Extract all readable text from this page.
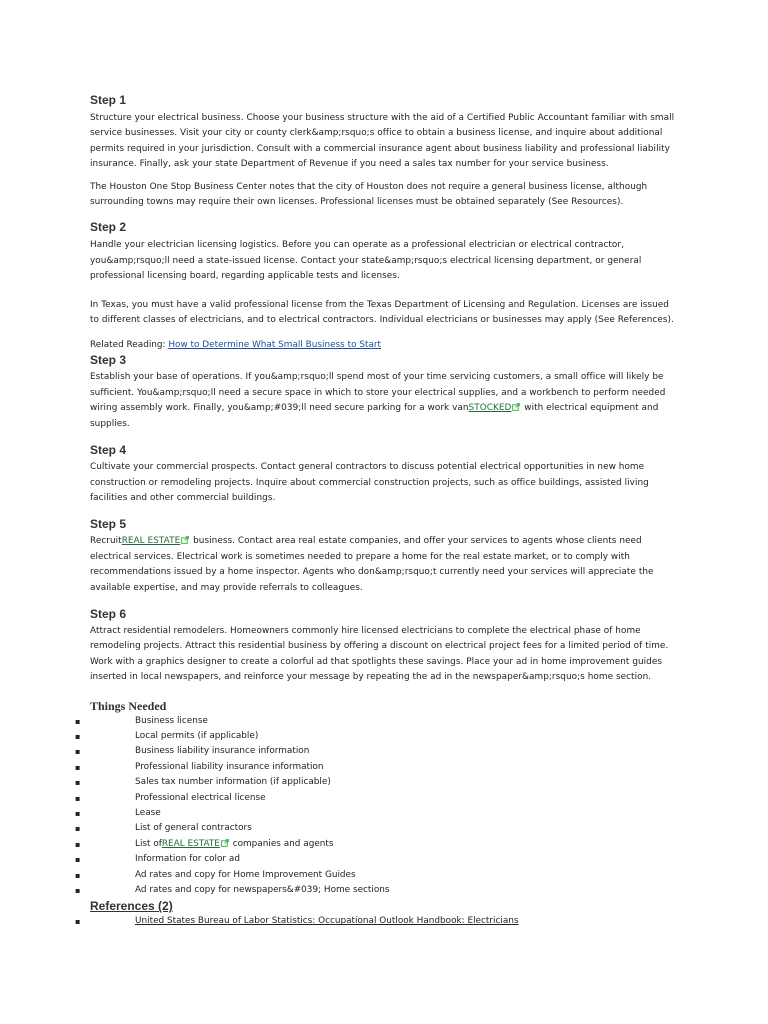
Step 1

Structure your electrical business. Choose your business structure with the aid of a Certified Public Accountant familiar with small service businesses. Visit your city or county clerk&amp;rsquo;s office to obtain a business license, and inquire about additional permits required in your jurisdiction. Consult with a commercial insurance agent about business liability and professional liability insurance. Finally, ask your state Department of Revenue if you need a sales tax number for your service business.

The Houston One Stop Business Center notes that the city of Houston does not require a general business license, although surrounding towns may require their own licenses. Professional licenses must be obtained separately (See Resources).

Step 2

Handle your electrician licensing logistics. Before you can operate as a professional electrician or electrical contractor, you&amp;rsquo;ll need a state-issued license. Contact your state&amp;rsquo;s electrical licensing department, or general professional licensing board, regarding applicable tests and licenses.

In Texas, you must have a valid professional license from the Texas Department of Licensing and Regulation. Licenses are issued to different classes of electricians, and to electrical contractors. Individual electricians or businesses may apply (See References).

Related Reading: How to Determine What Small Business to Start

Step 3

Establish your base of operations. If you&amp;rsquo;ll spend most of your time servicing customers, a small office will likely be sufficient. You&amp;rsquo;ll need a secure space in which to store your electrical supplies, and a workbench to perform needed wiring assembly work. Finally, you&amp;#039;ll need secure parking for a work vanSTOCKED with electrical equipment and supplies.

Step 4

Cultivate your commercial prospects. Contact general contractors to discuss potential electrical opportunities in new home construction or remodeling projects. Inquire about commercial construction projects, such as office buildings, assisted living facilities and other commercial buildings.

Step 5

RecruitREAL ESTATE business. Contact area real estate companies, and offer your services to agents whose clients need electrical services. Electrical work is sometimes needed to prepare a home for the real estate market, or to comply with recommendations issued by a home inspector. Agents who don&amp;rsquo;t currently need your services will appreciate the available expertise, and may provide referrals to colleagues.

Step 6

Attract residential remodelers. Homeowners commonly hire licensed electricians to complete the electrical phase of home remodeling projects. Attract this residential business by offering a discount on electrical project fees for a limited period of time. Work with a graphics designer to create a colorful ad that spotlights these savings. Place your ad in home improvement guides inserted in local newspapers, and reinforce your message by repeating the ad in the newspaper&amp;rsquo;s home section.

Things Needed
▪	Business license
▪	Local permits (if applicable)
▪	Business liability insurance information
▪	Professional liability insurance information
▪	Sales tax number information (if applicable)
▪	Professional electrical license
▪	Lease
▪	List of general contractors
▪	List ofREAL ESTATE companies and agents
▪	Information for color ad
▪	Ad rates and copy for Home Improvement Guides
▪	Ad rates and copy for newspapers&#039; Home sections
References (2)
▪	United States Bureau of Labor Statistics: Occupational Outlook Handbook: Electricians
